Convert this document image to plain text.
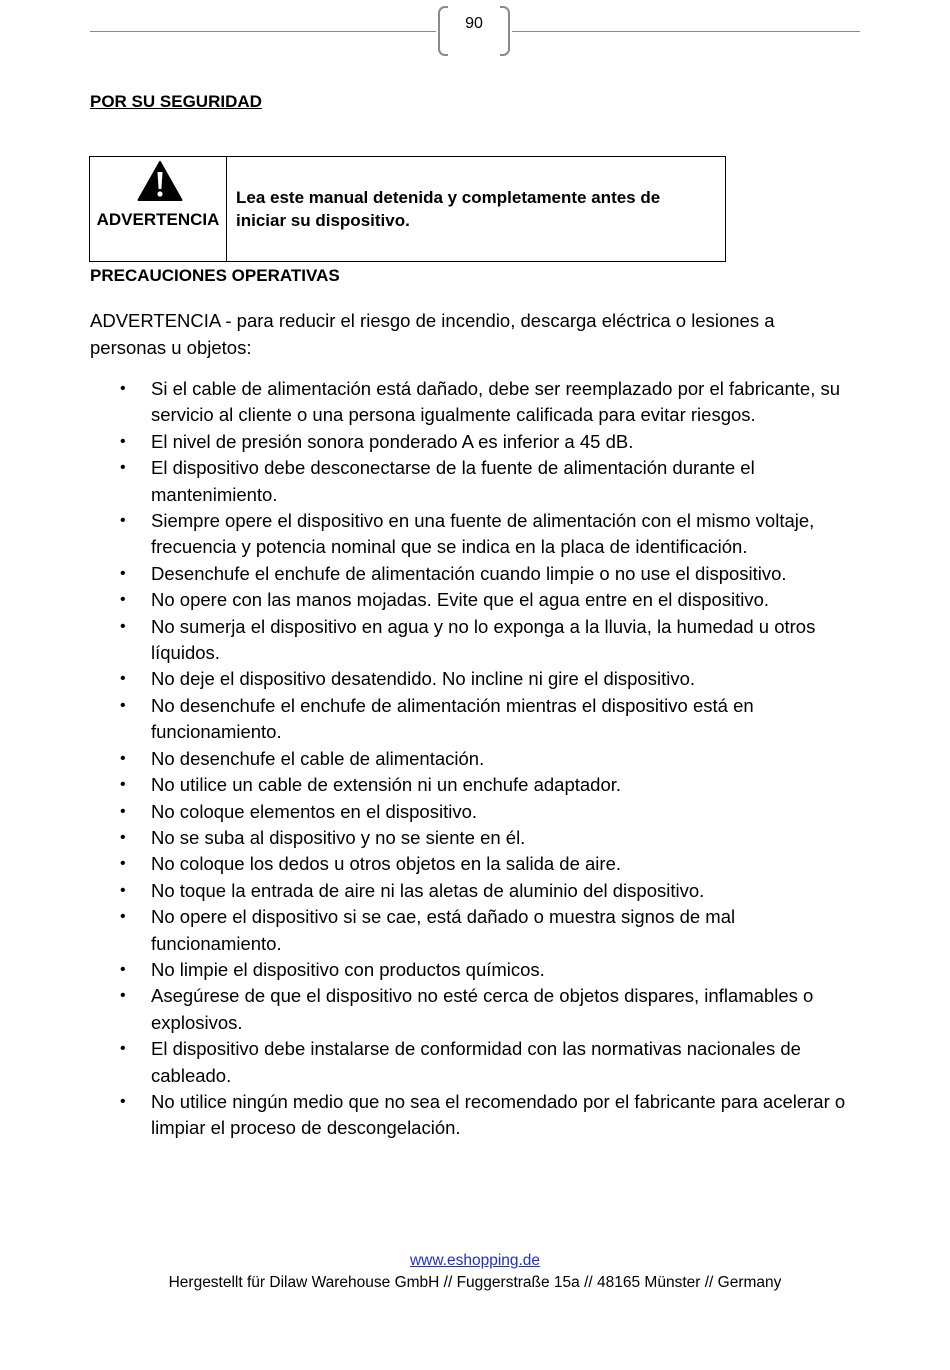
90
POR SU SEGURIDAD
ADVERTENCIA
Lea este manual detenida y completamente antes de iniciar su dispositivo.
PRECAUCIONES OPERATIVAS
ADVERTENCIA - para reducir el riesgo de incendio, descarga eléctrica o lesiones a personas u objetos:
• Si el cable de alimentación está dañado, debe ser reemplazado por el fabricante, su servicio al cliente o una persona igualmente calificada para evitar riesgos.
• El nivel de presión sonora ponderado A es inferior a 45 dB.
• El dispositivo debe desconectarse de la fuente de alimentación durante el mantenimiento.
• Siempre opere el dispositivo en una fuente de alimentación con el mismo voltaje, frecuencia y potencia nominal que se indica en la placa de identificación.
• Desenchufe el enchufe de alimentación cuando limpie o no use el dispositivo.
• No opere con las manos mojadas. Evite que el agua entre en el dispositivo.
• No sumerja el dispositivo en agua y no lo exponga a la lluvia, la humedad u otros líquidos.
• No deje el dispositivo desatendido. No incline ni gire el dispositivo.
• No desenchufe el enchufe de alimentación mientras el dispositivo está en funcionamiento.
• No desenchufe el cable de alimentación.
• No utilice un cable de extensión ni un enchufe adaptador.
• No coloque elementos en el dispositivo.
• No se suba al dispositivo y no se siente en él.
• No coloque los dedos u otros objetos en la salida de aire.
• No toque la entrada de aire ni las aletas de aluminio del dispositivo.
• No opere el dispositivo si se cae, está dañado o muestra signos de mal funcionamiento.
• No limpie el dispositivo con productos químicos.
• Asegúrese de que el dispositivo no esté cerca de objetos dispares, inflamables o explosivos.
• El dispositivo debe instalarse de conformidad con las normativas nacionales de cableado.
• No utilice ningún medio que no sea el recomendado por el fabricante para acelerar o limpiar el proceso de descongelación.
www.eshopping.de
Hergestellt für Dilaw Warehouse GmbH // Fuggerstraße 15a // 48165 Münster // Germany
